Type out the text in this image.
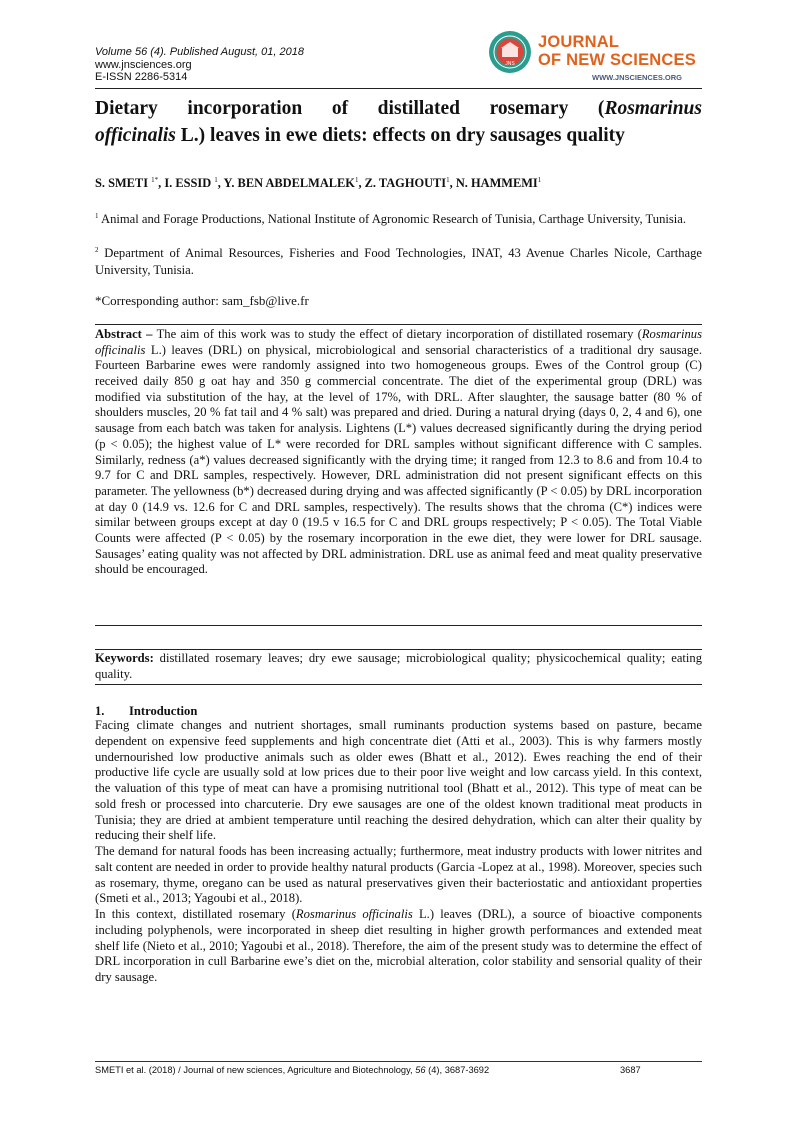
Volume 56 (4). Published August, 01, 2018
www.jnsciences.org
E-ISSN 2286-5314
JNS
JOURNAL
OF NEW SCIENCES
WWW.JNSCIENCES.ORG
Dietary incorporation of distillated rosemary (Rosmarinus
officinalis L.) leaves in ewe diets: effects on dry sausages quality
S. SMETI $^{1*}$, I. ESSID $^1$, Y. BEN ABDELMALEK$^1$, Z. TAGHOUTI$^1$, N. HAMMEMI$^1$
$^1$ Animal and Forage Productions, National Institute of Agronomic Research of Tunisia, Carthage University, Tunisia.
$^2$ Department of Animal Resources, Fisheries and Food Technologies, INAT, 43 Avenue Charles Nicole, Carthage University, Tunisia.
*Corresponding author: sam_fsb@live.fr

Abstract – The aim of this work was to study the effect of dietary incorporation of distillated rosemary (Rosmarinus officinalis L.) leaves (DRL) on physical, microbiological and sensorial characteristics of a traditional dry sausage. Fourteen Barbarine ewes were randomly assigned into two homogeneous groups. Ewes of the Control group (C) received daily 850 g oat hay and 350 g commercial concentrate. The diet of the experimental group (DRL) was modified via substitution of the hay, at the level of 17%, with DRL. After slaughter, the sausage batter (80 % of shoulders muscles, 20 % fat tail and 4 % salt) was prepared and dried. During a natural drying (days 0, 2, 4 and 6), one sausage from each batch was taken for analysis. Lightens (L*) values decreased significantly during the drying period (p < 0.05); the highest value of L* were recorded for DRL samples without significant difference with C samples. Similarly, redness (a*) values decreased significantly with the drying time; it ranged from 12.3 to 8.6 and from 10.4 to 9.7 for C and DRL samples, respectively. However, DRL administration did not present significant effects on this parameter. The yellowness (b*) decreased during drying and was affected significantly (P < 0.05) by DRL incorporation at day 0 (14.9 vs. 12.6 for C and DRL samples, respectively). The results shows that the chroma (C*) indices were similar between groups except at day 0 (19.5 v 16.5 for C and DRL groups respectively; P < 0.05). The Total Viable Counts were affected (P < 0.05) by the rosemary incorporation in the ewe diet, they were lower for DRL sausage. Sausages’ eating quality was not affected by DRL administration. DRL use as animal feed and meat quality preservative should be encouraged.

Keywords: distillated rosemary leaves; dry ewe sausage; microbiological quality; physicochemical quality; eating quality.

1. Introduction

Facing climate changes and nutrient shortages, small ruminants production systems based on pasture, became dependent on expensive feed supplements and high concentrate diet (Atti et al., 2003). This is why farmers mostly undernourished low productive animals such as older ewes (Bhatt et al., 2012). Ewes reaching the end of their productive life cycle are usually sold at low prices due to their poor live weight and low carcass yield. In this context, the valuation of this type of meat can have a promising nutritional tool (Bhatt et al., 2012). This type of meat can be sold fresh or processed into charcuterie. Dry ewe sausages are one of the oldest known traditional meat products in Tunisia; they are dried at ambient temperature until reaching the desired dehydration, which can alter their quality by reducing their shelf life.

The demand for natural foods has been increasing actually; furthermore, meat industry products with lower nitrites and salt content are needed in order to provide healthy natural products (Garcia -Lopez at al., 1998). Moreover, species such as rosemary, thyme, oregano can be used as natural preservatives given their bacteriostatic and antioxidant properties (Smeti et al., 2013; Yagoubi et al., 2018).

In this context, distillated rosemary (Rosmarinus officinalis L.) leaves (DRL), a source of bioactive components including polyphenols, were incorporated in sheep diet resulting in higher growth performances and extended meat shelf life (Nieto et al., 2010; Yagoubi et al., 2018). Therefore, the aim of the present study was to determine the effect of DRL incorporation in cull Barbarine ewe’s diet on the, microbial alteration, color stability and sensorial quality of their dry sausage.

SMETI et al. (2018) / Journal of new sciences, Agriculture and Biotechnology, 56 (4), 3687-3692	3687
